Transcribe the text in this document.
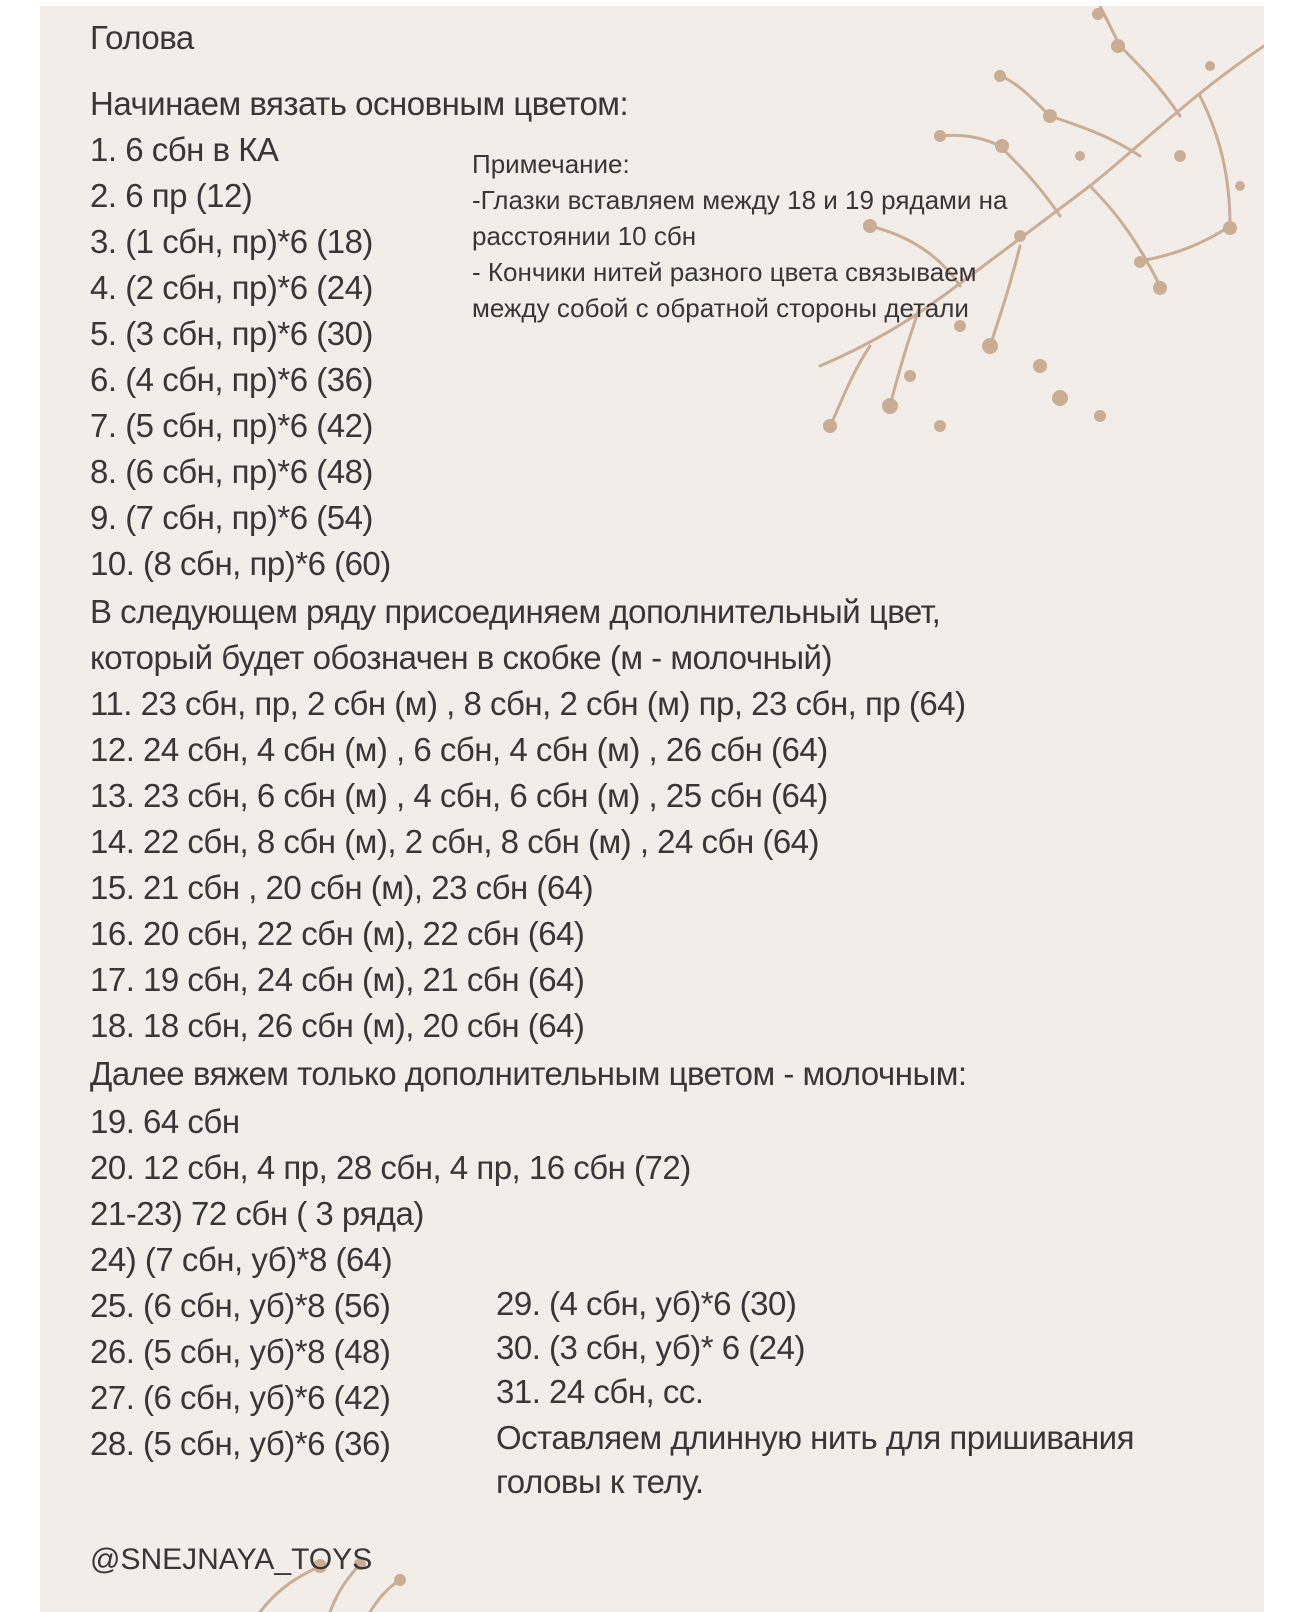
Голова
Начинаем вязать основным цветом:
1. 6 сбн в КА
2. 6 пр (12)
3. (1 сбн, пр)*6 (18)
4. (2 сбн, пр)*6 (24)
5. (3 сбн, пр)*6 (30)
6. (4 сбн, пр)*6 (36)
7. (5 сбн, пр)*6 (42)
8. (6 сбн, пр)*6 (48)
9. (7 сбн, пр)*6 (54)
10. (8 сбн, пр)*6 (60)
Примечание:
-Глазки вставляем между 18 и 19 рядами на
расстоянии 10 сбн
- Кончики нитей разного цвета связываем
между собой с обратной стороны детали
В следующем ряду присоединяем дополнительный цвет,
который будет обозначен в скобке (м - молочный)
11. 23 сбн, пр, 2 сбн (м) , 8 сбн, 2 сбн (м) пр, 23 сбн, пр (64)
12. 24 сбн, 4 сбн (м) , 6 сбн, 4 сбн (м) , 26 сбн (64)
13. 23 сбн, 6 сбн (м) , 4 сбн, 6 сбн (м) , 25 сбн (64)
14. 22 сбн, 8 сбн (м), 2 сбн, 8 сбн (м) , 24 сбн (64)
15. 21 сбн , 20 сбн (м), 23 сбн (64)
16. 20 сбн, 22 сбн (м), 22 сбн (64)
17. 19 сбн, 24 сбн (м), 21 сбн (64)
18. 18 сбн, 26 сбн (м), 20 сбн (64)
Далее вяжем только дополнительным цветом - молочным:
19. 64 сбн
20. 12 сбн, 4 пр, 28 сбн, 4 пр, 16 сбн (72)
21-23) 72 сбн ( 3 ряда)
24) (7 сбн, уб)*8 (64)
25. (6 сбн, уб)*8 (56)
26. (5 сбн, уб)*8 (48)
27. (6 сбн, уб)*6 (42)
28. (5 сбн, уб)*6 (36)
29. (4 сбн, уб)*6 (30)
30. (3 сбн, уб)* 6 (24)
31. 24 сбн, сс.
Оставляем длинную нить для пришивания
головы к телу.
@SNEJNAYA_TOYS
